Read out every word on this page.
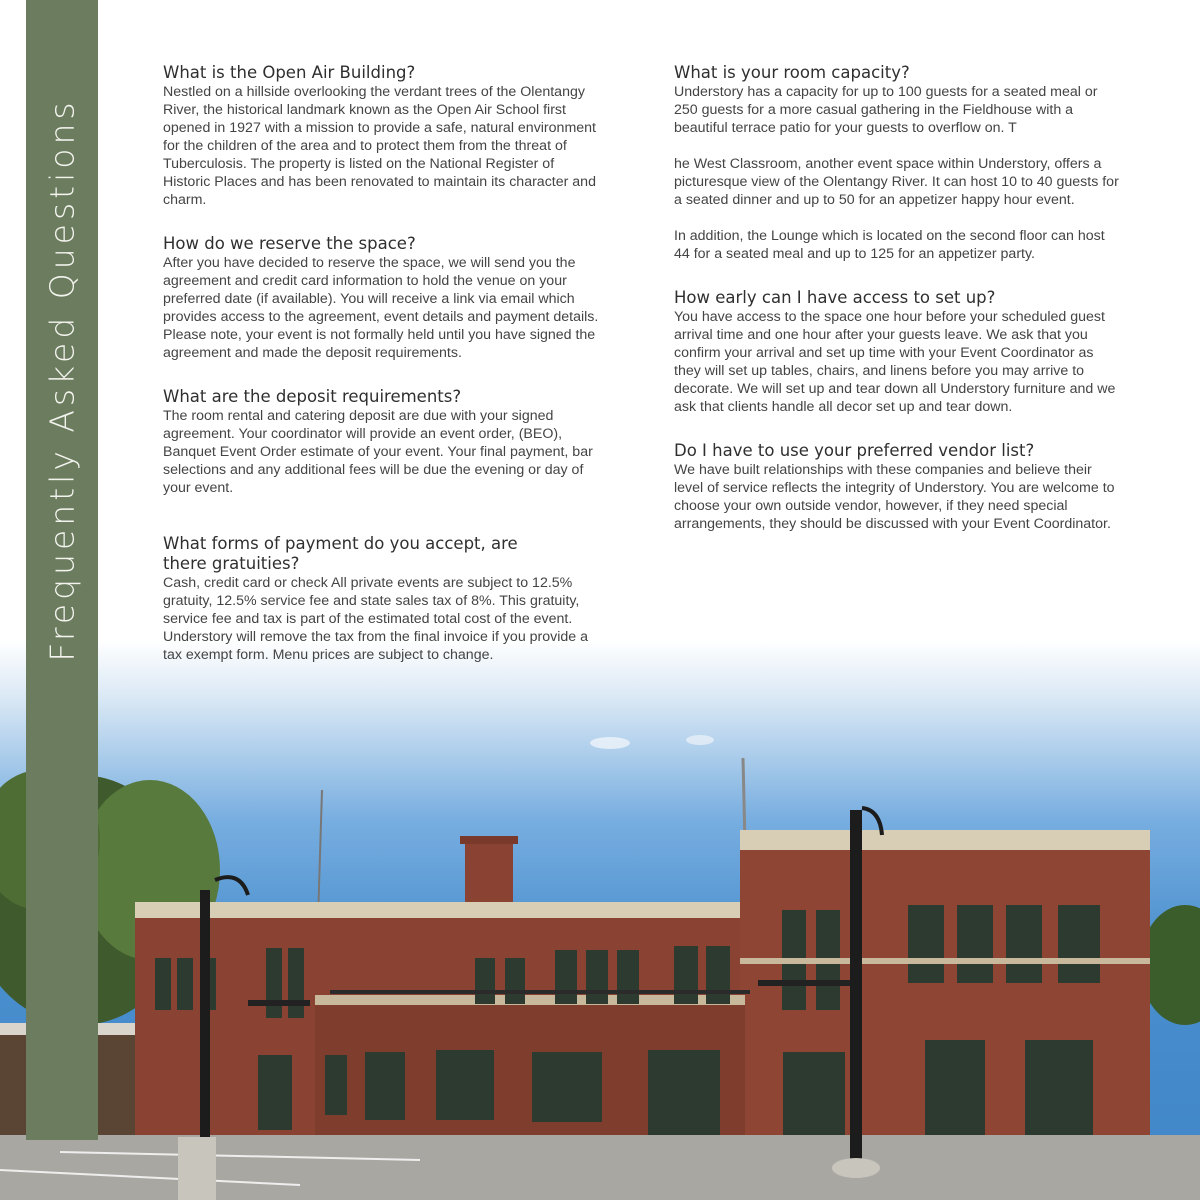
Frequently Asked Questions
What is the Open Air Building?

Nestled on a hillside overlooking the verdant trees of the Olentangy River, the historical landmark known as the Open Air School first opened in 1927 with a mission to provide a safe, natural environment for the children of the area and to protect them from the threat of Tuberculosis. The property is listed on the National Register of Historic Places and has been renovated to maintain its character and charm.

How do we reserve the space?

After you have decided to reserve the space, we will send you the agreement and credit card information to hold the venue on your preferred date (if available). You will receive a link via email which provides access to the agreement, event details and payment details. Please note, your event is not formally held until you have signed the agreement and made the deposit requirements.

What are the deposit requirements?

The room rental and catering deposit are due with your signed agreement. Your coordinator will provide an event order, (BEO), Banquet Event Order estimate of your event. Your final payment, bar selections and any additional fees will be due the evening or day of your event.

What forms of payment do you accept, are there gratuities?

Cash, credit card or check All private events are subject to 12.5% gratuity, 12.5% service fee and state sales tax of 8%. This gratuity, service fee and tax is part of the estimated total cost of the event. Understory will remove the tax from the final invoice if you provide a tax exempt form. Menu prices are subject to change.

What is your room capacity?

Understory has a capacity for up to 100 guests for a seated meal or 250 guests for a more casual gathering in the Fieldhouse with a beautiful terrace patio for your guests to overflow on. T

he West Classroom, another event space within Understory, offers a picturesque view of the Olentangy River. It can host 10 to 40 guests for a seated dinner and up to 50 for an appetizer happy hour event.

In addition, the Lounge which is located on the second floor can host 44 for a seated meal and up to 125 for an appetizer party.

How early can I have access to set up?

You have access to the space one hour before your scheduled guest arrival time and one hour after your guests leave. We ask that you confirm your arrival and set up time with your Event Coordinator as they will set up tables, chairs, and linens before you may arrive to decorate. We will set up and tear down all Understory furniture and we ask that clients handle all decor set up and tear down.

Do I have to use your preferred vendor list?

We have built relationships with these companies and believe their level of service reflects the integrity of Understory. You are welcome to choose your own outside vendor, however, if they need special arrangements, they should be discussed with your Event Coordinator.
